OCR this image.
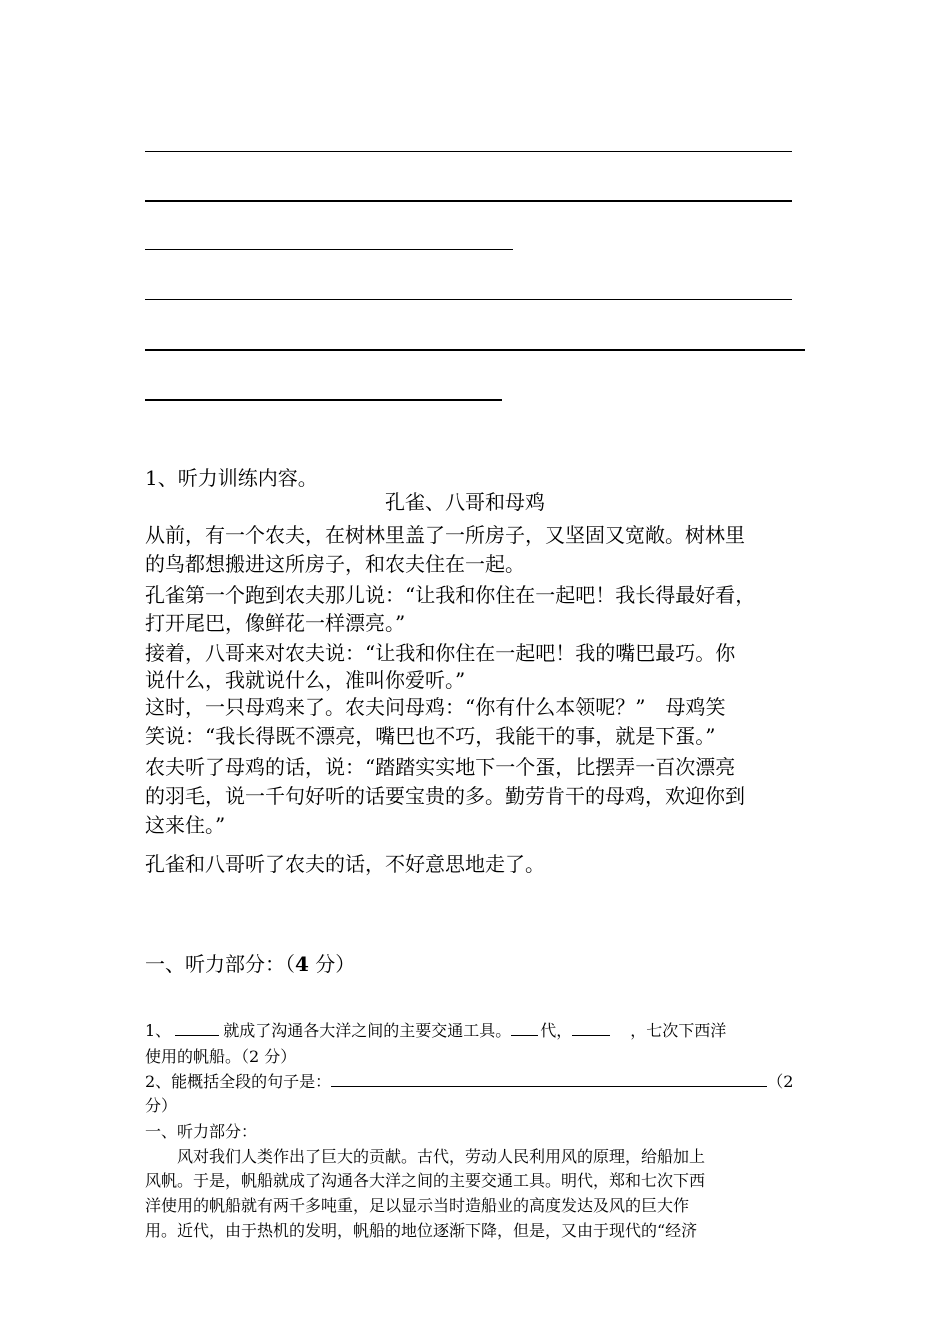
1、听力训练内容。
孔雀、八哥和母鸡
从前，有一个农夫，在树林里盖了一所房子，又坚固又宽敞。树林里
的鸟都想搬进这所房子，和农夫住在一起。
孔雀第一个跑到农夫那儿说：“让我和你住在一起吧！我长得最好看，
打开尾巴，像鲜花一样漂亮。”
接着，八哥来对农夫说：“让我和你住在一起吧！我的嘴巴最巧。你
说什么，我就说什么，准叫你爱听。”
这时，一只母鸡来了。农夫问母鸡：“你有什么本领呢？”　母鸡笑
笑说：“我长得既不漂亮，嘴巴也不巧，我能干的事，就是下蛋。”
农夫听了母鸡的话，说：“踏踏实实地下一个蛋，比摆弄一百次漂亮
的羽毛，说一千句好听的话要宝贵的多。勤劳肯干的母鸡，欢迎你到
这来住。”
孔雀和八哥听了农夫的话，不好意思地走了。
一、听力部分：（4 分）
1、	就成了沟通各大洋之间的主要交通工具。 代，	，七次下西洋
使用的帆船。（2 分）
2、能概括全段的句子是：	（2
分）
一、听力部分：
　　风对我们人类作出了巨大的贡献。古代，劳动人民利用风的原理，给船加上
风帆。于是，帆船就成了沟通各大洋之间的主要交通工具。明代，郑和七次下西
洋使用的帆船就有两千多吨重，足以显示当时造船业的高度发达及风的巨大作
用。近代，由于热机的发明，帆船的地位逐渐下降，但是，又由于现代的“经济
